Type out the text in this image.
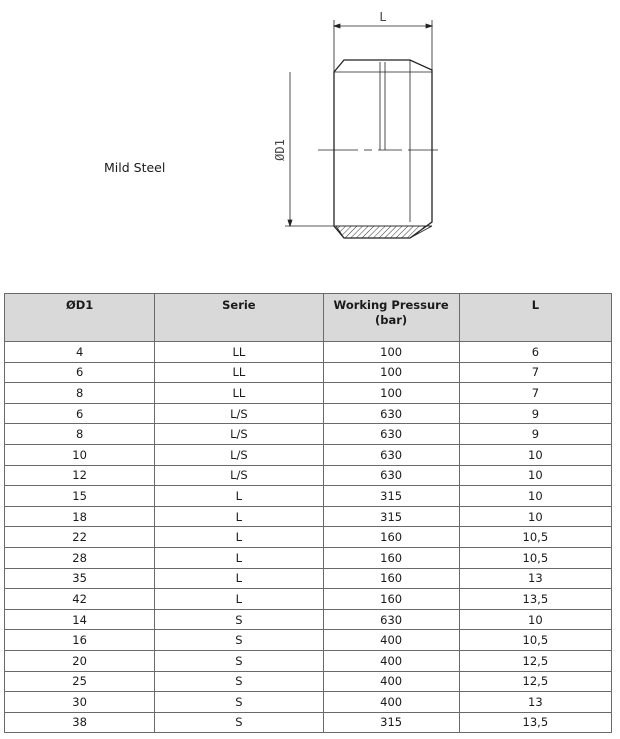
Mild Steel
L
ØD1
ØD1	Serie	Working Pressure (bar)	L
4	LL	100	6
6	LL	100	7
8	LL	100	7
6	L/S	630	9
8	L/S	630	9
10	L/S	630	10
12	L/S	630	10
15	L	315	10
18	L	315	10
22	L	160	10,5
28	L	160	10,5
35	L	160	13
42	L	160	13,5
14	S	630	10
16	S	400	10,5
20	S	400	12,5
25	S	400	12,5
30	S	400	13
38	S	315	13,5
